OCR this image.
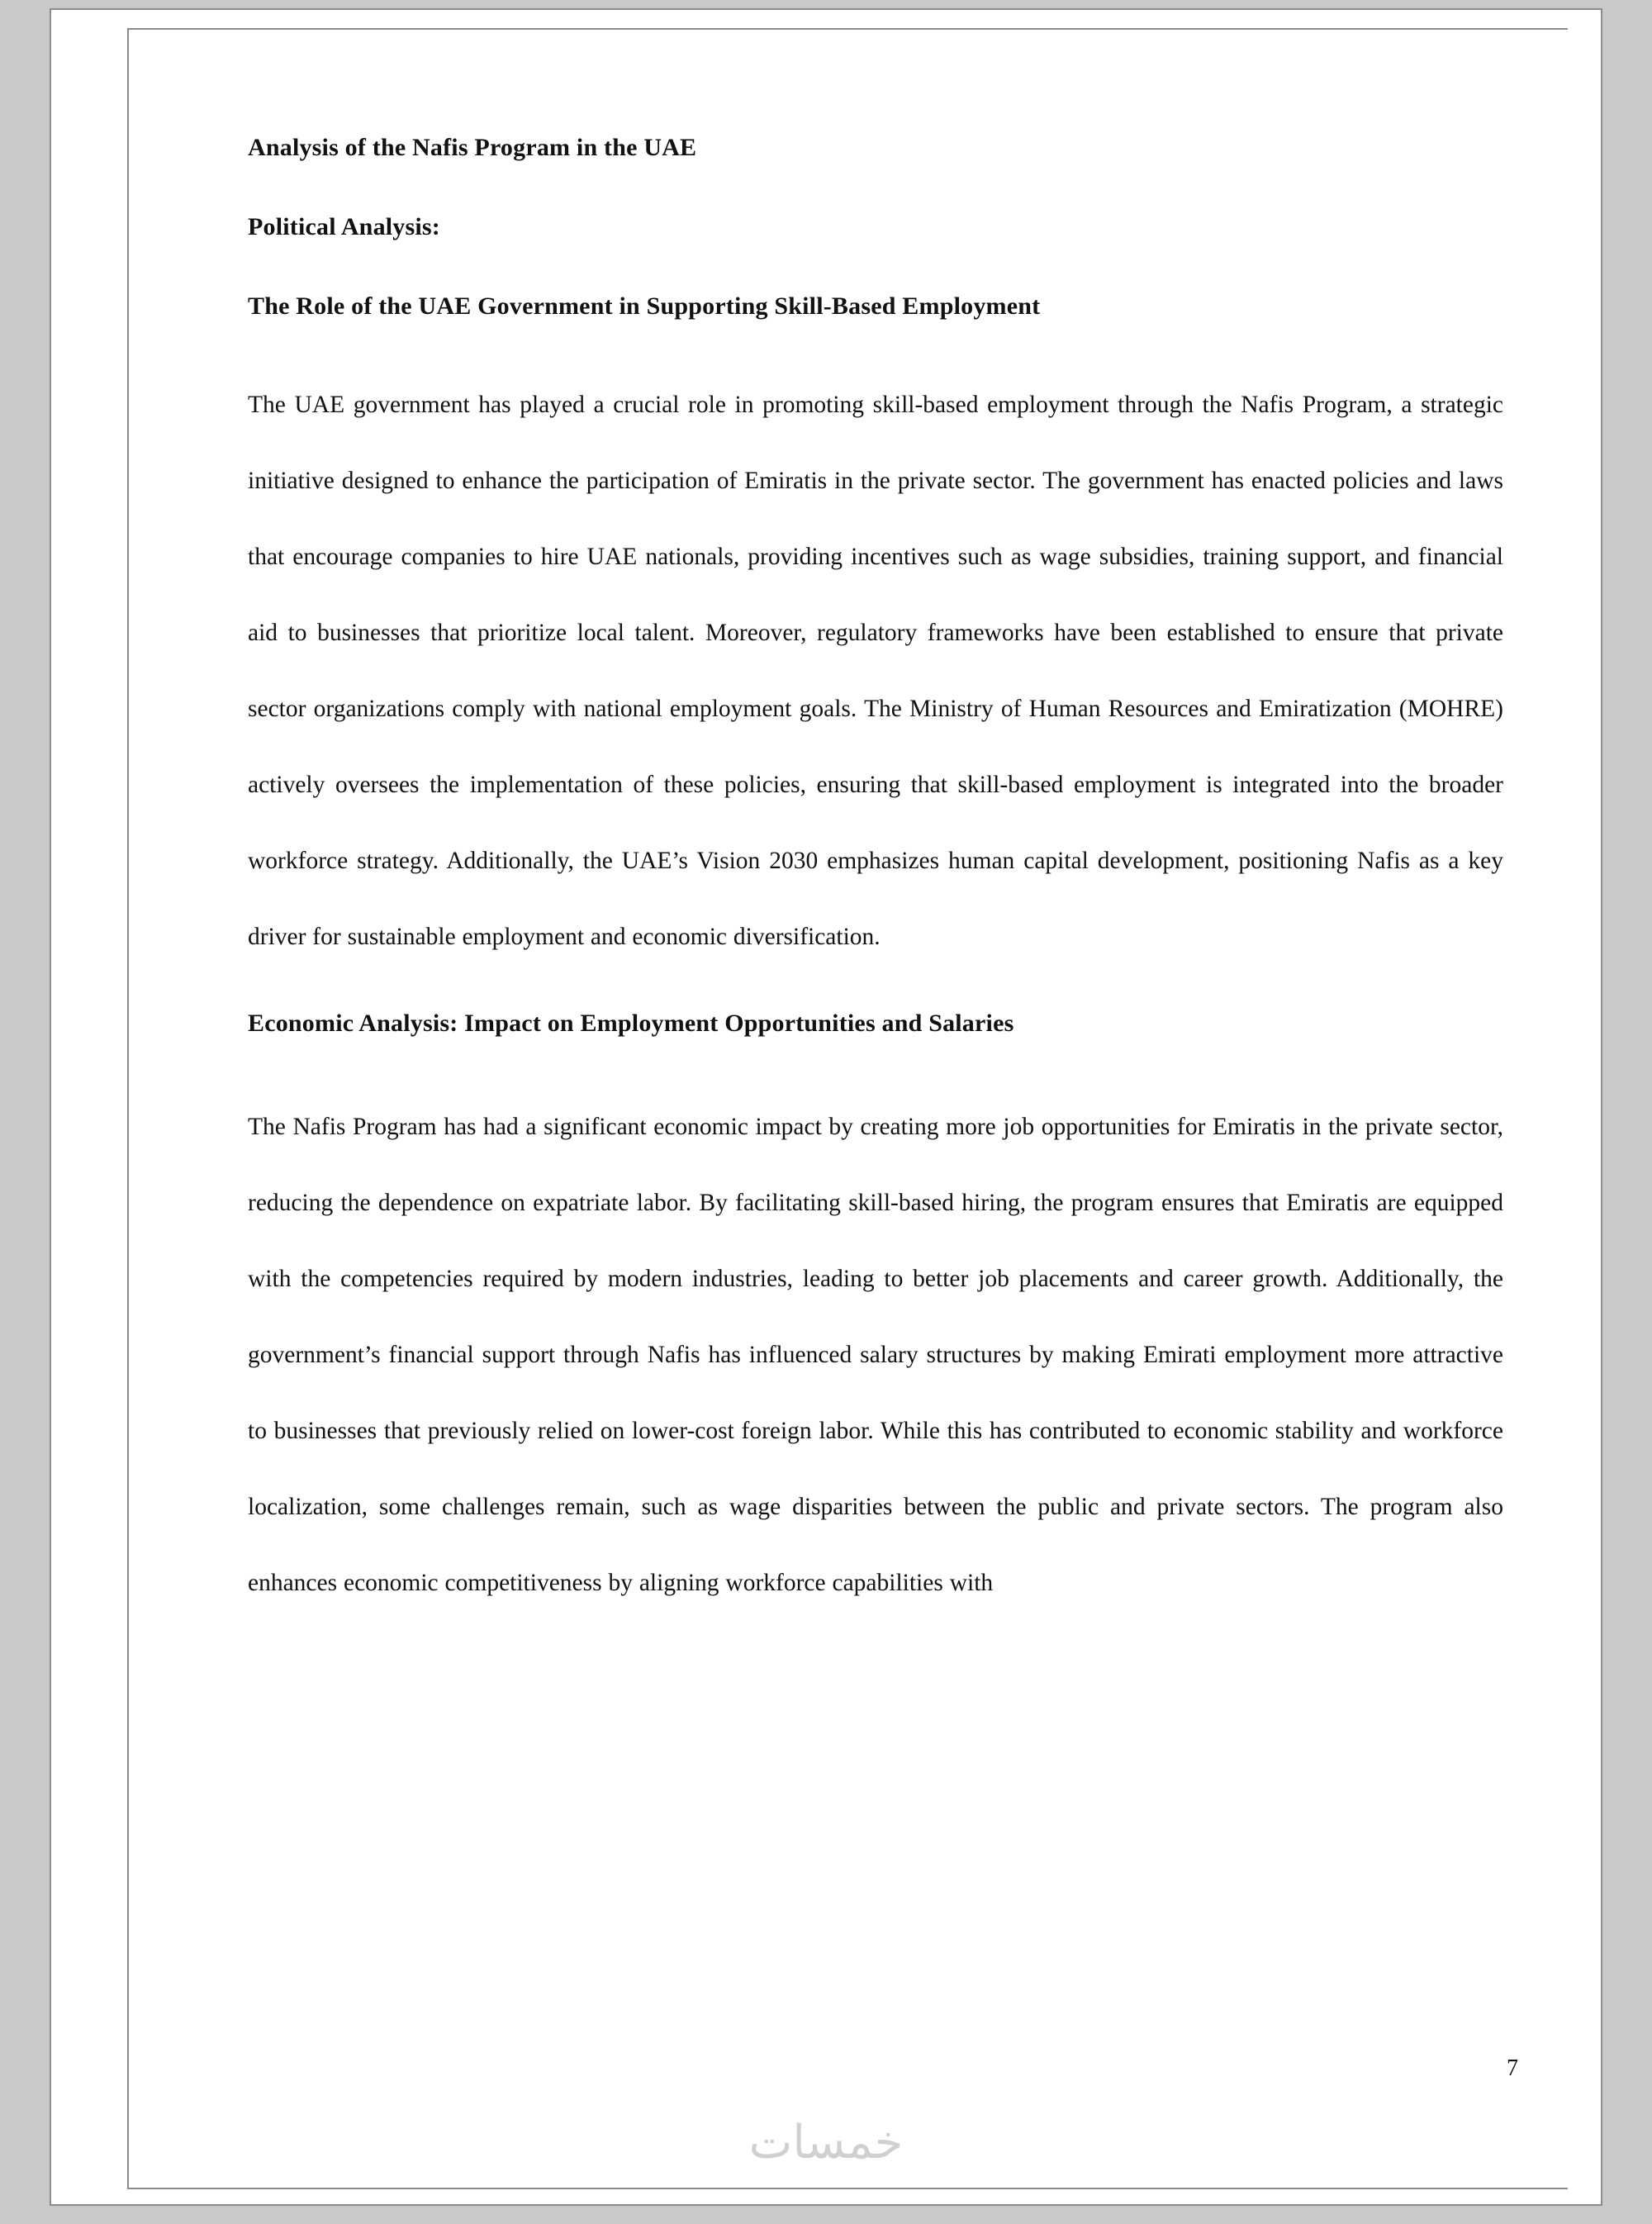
Analysis of the Nafis Program in the UAE
Political Analysis:
The Role of the UAE Government in Supporting Skill-Based Employment

The UAE government has played a crucial role in promoting skill-based employment through the Nafis Program, a strategic initiative designed to enhance the participation of Emiratis in the private sector. The government has enacted policies and laws that encourage companies to hire UAE nationals, providing incentives such as wage subsidies, training support, and financial aid to businesses that prioritize local talent. Moreover, regulatory frameworks have been established to ensure that private sector organizations comply with national employment goals. The Ministry of Human Resources and Emiratization (MOHRE) actively oversees the implementation of these policies, ensuring that skill-based employment is integrated into the broader workforce strategy. Additionally, the UAE’s Vision 2030 emphasizes human capital development, positioning Nafis as a key driver for sustainable employment and economic diversification.

Economic Analysis: Impact on Employment Opportunities and Salaries

The Nafis Program has had a significant economic impact by creating more job opportunities for Emiratis in the private sector, reducing the dependence on expatriate labor. By facilitating skill-based hiring, the program ensures that Emiratis are equipped with the competencies required by modern industries, leading to better job placements and career growth. Additionally, the government’s financial support through Nafis has influenced salary structures by making Emirati employment more attractive to businesses that previously relied on lower-cost foreign labor. While this has contributed to economic stability and workforce localization, some challenges remain, such as wage disparities between the public and private sectors. The program also enhances economic competitiveness by aligning workforce capabilities with

7
خمسات
